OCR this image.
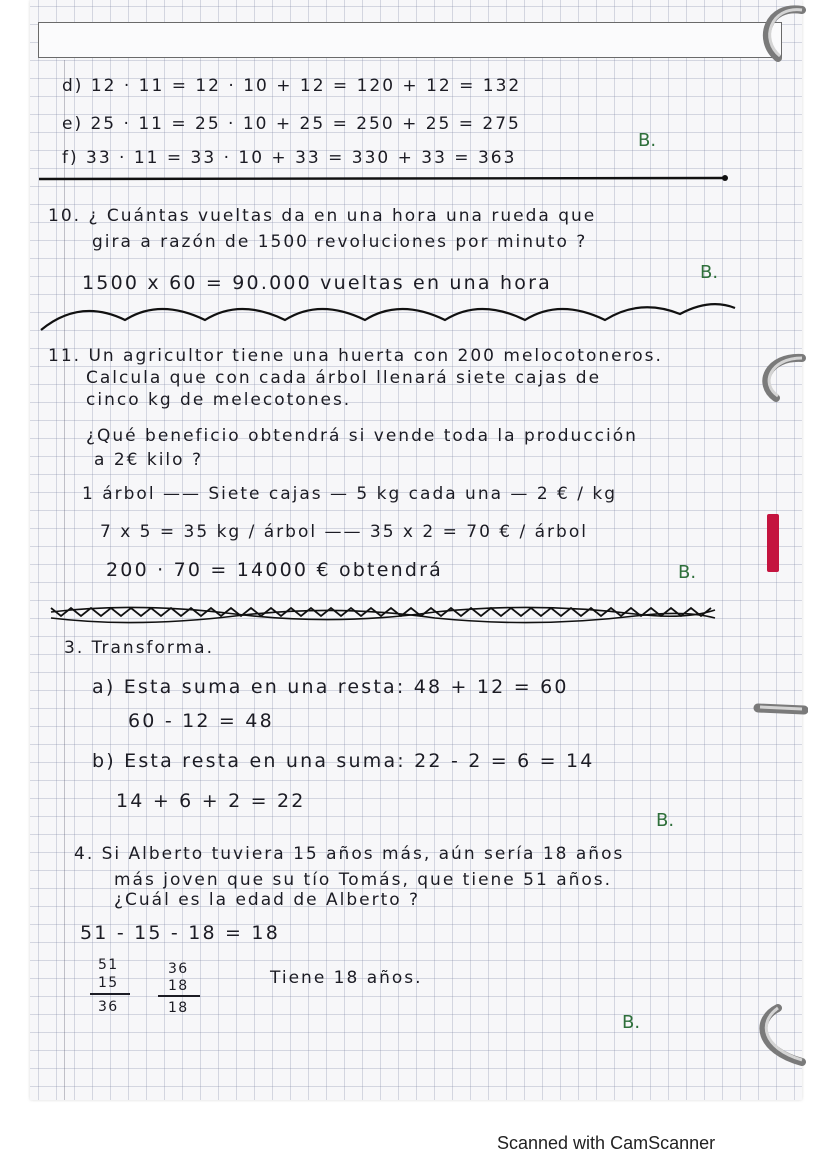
d) 12 · 11 = 12 · 10 + 12 = 120 + 12 = 132

e) 25 · 11 = 25 · 10 + 25 = 250 + 25 = 275

f) 33 · 11 = 33 · 10 + 33 = 330 + 33 = 363

B.

10. ¿ Cuántas vueltas da en una hora una rueda que

gira a razón de 1500 revoluciones por minuto ?

1500 x 60 = 90.000 vueltas en una hora	B.

11. Un agricultor tiene una huerta con 200 melocotoneros.

Calcula que con cada árbol llenará siete cajas de

cinco kg de melecotones.

¿Qué beneficio obtendrá si vende toda la producción

a 2€ kilo ?

1 árbol —— Siete cajas — 5 kg cada una — 2 € / kg

7 x 5 = 35 kg / árbol —— 35 x 2 = 70 € / árbol

200 · 70 = 14000 € obtendrá	B.

3. Transforma.

a) Esta suma en una resta: 48 + 12 = 60

60 - 12 = 48

b) Esta resta en una suma: 22 - 2 = 6 = 14

14 + 6 + 2 = 22

B.

4. Si Alberto tuviera 15 años más, aún sería 18 años

más joven que su tío Tomás, que tiene 51 años.

¿Cuál es la edad de Alberto ?

51 - 15 - 18 = 18

51

15

36

36

18

18

Tiene 18 años.

B.
Scanned with CamScanner
